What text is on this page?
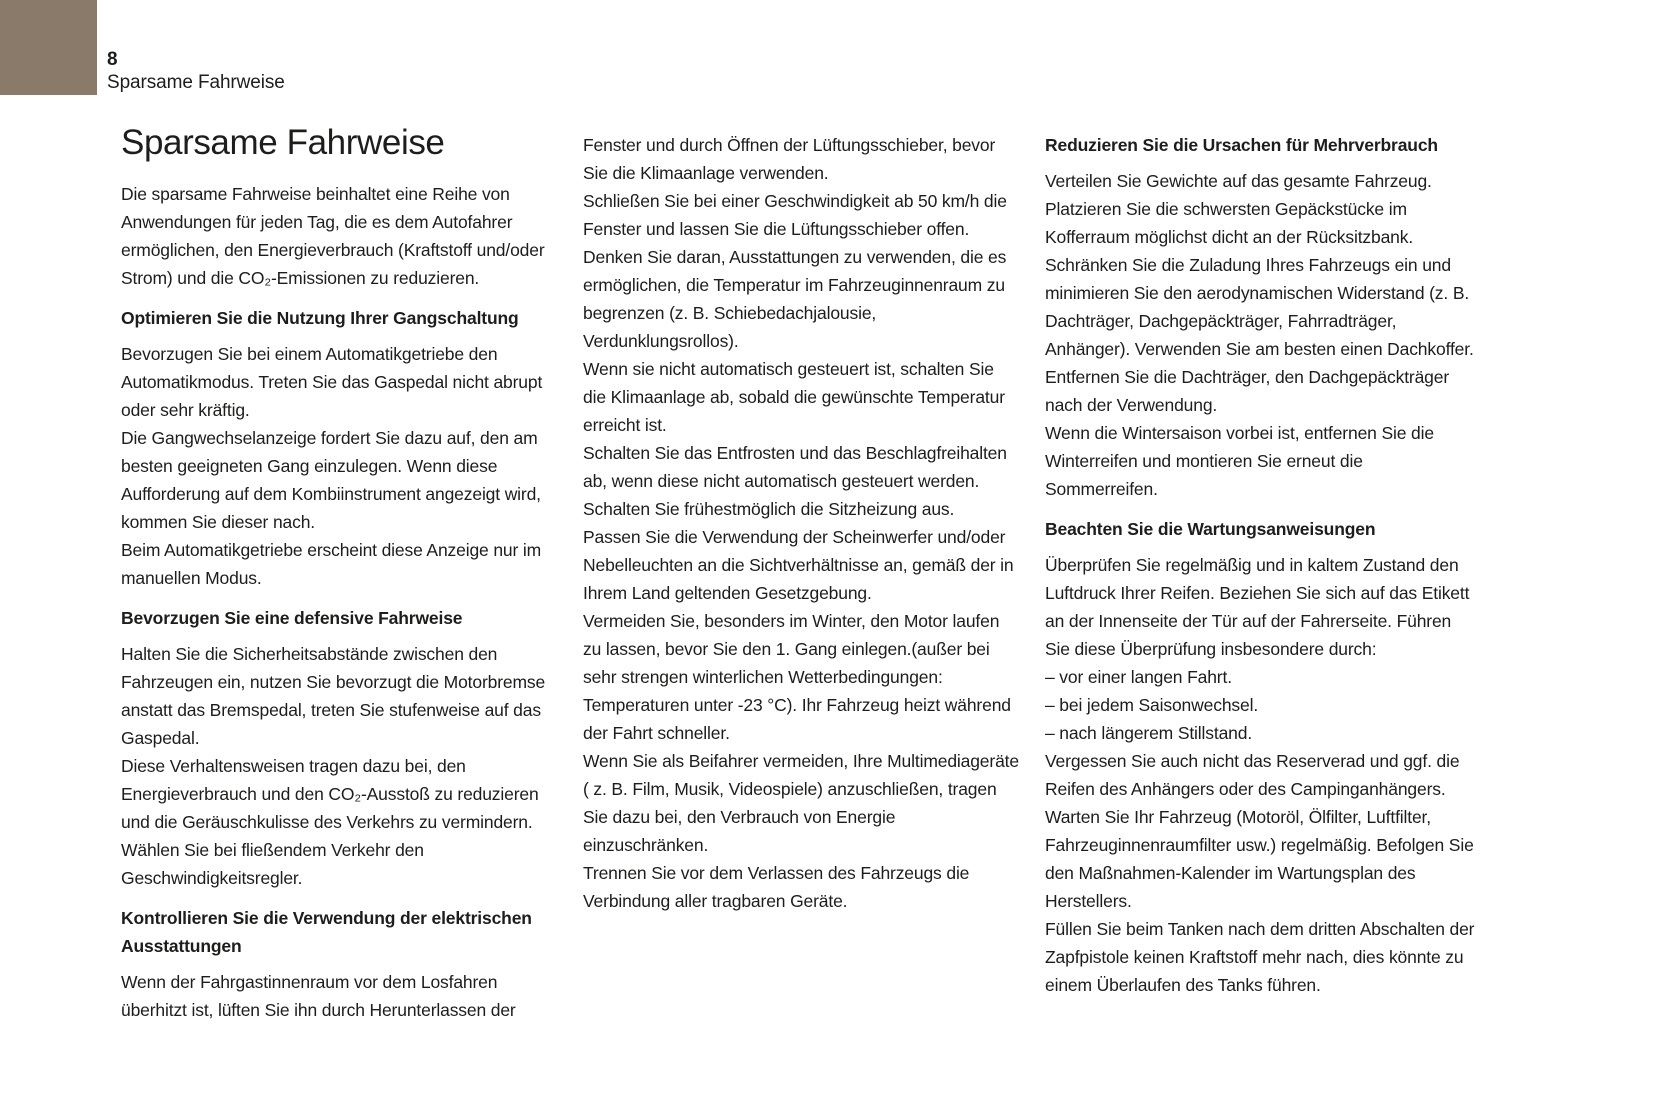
8
Sparsame Fahrweise
Sparsame Fahrweise
Die sparsame Fahrweise beinhaltet eine Reihe von Anwendungen für jeden Tag, die es dem Autofahrer ermöglichen, den Energieverbrauch (Kraftstoff und/oder Strom) und die CO₂-Emissionen zu reduzieren.
Optimieren Sie die Nutzung Ihrer Gangschaltung
Bevorzugen Sie bei einem Automatikgetriebe den Automatikmodus. Treten Sie das Gaspedal nicht abrupt oder sehr kräftig.
Die Gangwechselanzeige fordert Sie dazu auf, den am besten geeigneten Gang einzulegen. Wenn diese Aufforderung auf dem Kombiinstrument angezeigt wird, kommen Sie dieser nach.
Beim Automatikgetriebe erscheint diese Anzeige nur im manuellen Modus.
Bevorzugen Sie eine defensive Fahrweise
Halten Sie die Sicherheitsabstände zwischen den Fahrzeugen ein, nutzen Sie bevorzugt die Motorbremse anstatt das Bremspedal, treten Sie stufenweise auf das Gaspedal.
Diese Verhaltensweisen tragen dazu bei, den Energieverbrauch und den CO₂-Ausstoß zu reduzieren und die Geräuschkulisse des Verkehrs zu vermindern.
Wählen Sie bei fließendem Verkehr den Geschwindigkeitsregler.
Kontrollieren Sie die Verwendung der elektrischen Ausstattungen
Wenn der Fahrgastinnenraum vor dem Losfahren überhitzt ist, lüften Sie ihn durch Herunterlassen der
Fenster und durch Öffnen der Lüftungsschieber, bevor Sie die Klimaanlage verwenden.
Schließen Sie bei einer Geschwindigkeit ab 50 km/h die Fenster und lassen Sie die Lüftungsschieber offen.
Denken Sie daran, Ausstattungen zu verwenden, die es ermöglichen, die Temperatur im Fahrzeuginnenraum zu begrenzen (z. B. Schiebedachjalousie, Verdunklungsrollos).
Wenn sie nicht automatisch gesteuert ist, schalten Sie die Klimaanlage ab, sobald die gewünschte Temperatur erreicht ist.
Schalten Sie das Entfrosten und das Beschlagfreihalten ab, wenn diese nicht automatisch gesteuert werden.
Schalten Sie frühestmöglich die Sitzheizung aus.
Passen Sie die Verwendung der Scheinwerfer und/oder Nebelleuchten an die Sichtverhältnisse an, gemäß der in Ihrem Land geltenden Gesetzgebung.
Vermeiden Sie, besonders im Winter, den Motor laufen zu lassen, bevor Sie den 1. Gang einlegen.(außer bei sehr strengen winterlichen Wetterbedingungen: Temperaturen unter -23 °C). Ihr Fahrzeug heizt während der Fahrt schneller.
Wenn Sie als Beifahrer vermeiden, Ihre Multimediageräte ( z. B. Film, Musik, Videospiele) anzuschließen, tragen Sie dazu bei, den Verbrauch von Energie einzuschränken.
Trennen Sie vor dem Verlassen des Fahrzeugs die Verbindung aller tragbaren Geräte.
Reduzieren Sie die Ursachen für Mehrverbrauch
Verteilen Sie Gewichte auf das gesamte Fahrzeug. Platzieren Sie die schwersten Gepäckstücke im Kofferraum möglichst dicht an der Rücksitzbank.
Schränken Sie die Zuladung Ihres Fahrzeugs ein und minimieren Sie den aerodynamischen Widerstand (z. B. Dachträger, Dachgepäckträger, Fahrradträger, Anhänger). Verwenden Sie am besten einen Dachkoffer.
Entfernen Sie die Dachträger, den Dachgepäckträger nach der Verwendung.
Wenn die Wintersaison vorbei ist, entfernen Sie die Winterreifen und montieren Sie erneut die Sommerreifen.
Beachten Sie die Wartungsanweisungen
Überprüfen Sie regelmäßig und in kaltem Zustand den Luftdruck Ihrer Reifen. Beziehen Sie sich auf das Etikett an der Innenseite der Tür auf der Fahrerseite. Führen Sie diese Überprüfung insbesondere durch:
– vor einer langen Fahrt.
– bei jedem Saisonwechsel.
– nach längerem Stillstand.
Vergessen Sie auch nicht das Reserverad und ggf. die Reifen des Anhängers oder des Campinganhängers.
Warten Sie Ihr Fahrzeug (Motoröl, Ölfilter, Luftfilter, Fahrzeuginnenraumfilter usw.) regelmäßig. Befolgen Sie den Maßnahmen-Kalender im Wartungsplan des Herstellers.
Füllen Sie beim Tanken nach dem dritten Abschalten der Zapfpistole keinen Kraftstoff mehr nach, dies könnte zu einem Überlaufen des Tanks führen.
